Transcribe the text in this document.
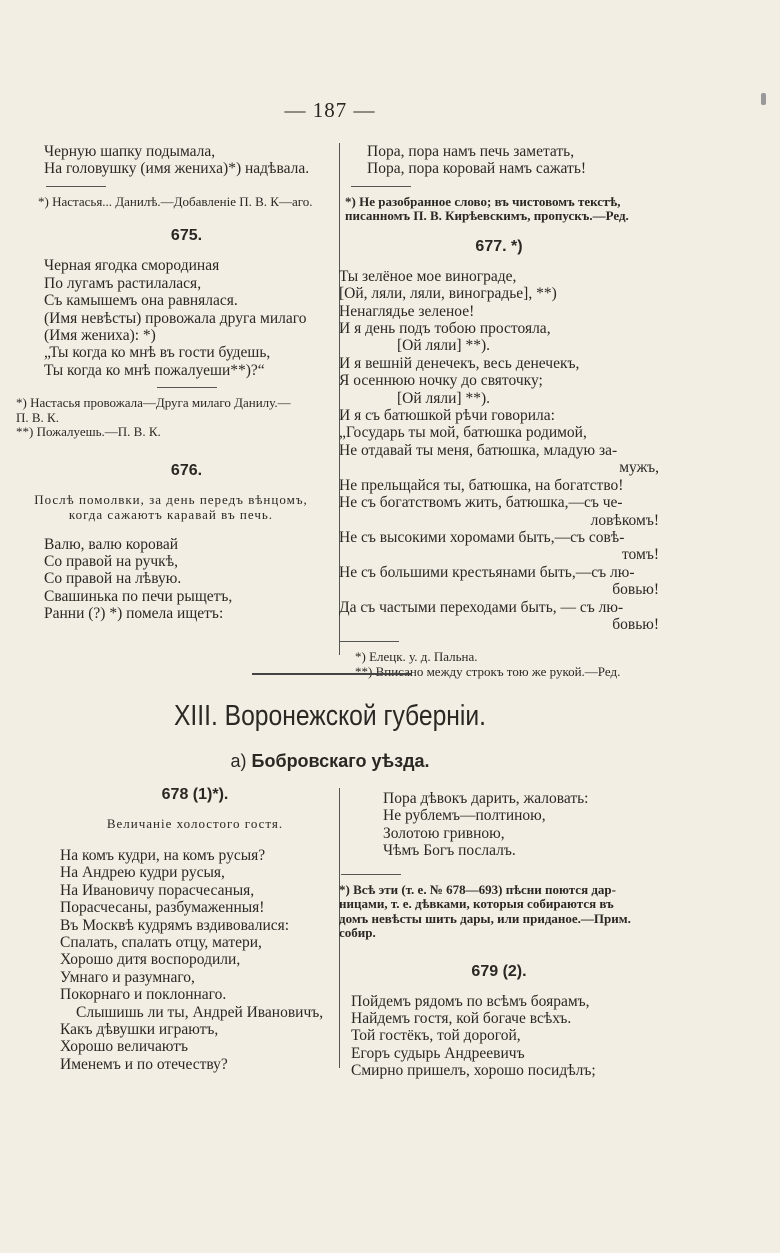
— 187 —
Черную шапку подымала,
На головушку (имя жениха)*) надѣвала.
*) Настасья... Данилѣ.—Добавленіе П. В. К—аго.
675.
Черная ягодка смородиная
По лугамъ растилалася,
Съ камышемъ она равнялася.
(Имя невѣсты) провожала друга милаго
(Имя жениха): *)
„Ты когда ко мнѣ въ гости будешь,
Ты когда ко мнѣ пожалуеши**)?“
*) Настасья провожала—Друга милаго Данилу.—
П. В. К.
**) Пожалуешь.—П. В. К.
676.
Послѣ помолвки, за день передъ вѣнцомъ,
когда сажаютъ каравай въ печь.
Валю, валю коровай
Со правой на ручкѣ,
Со правой на лѣвую.
Свашинька по печи рыщетъ,
Ранни (?) *) помела ищетъ:
Пора, пора намъ печь заметать,
Пора, пора коровай намъ сажать!
*) Не разобранное слово; въ чистовомъ текстѣ,
писанномъ П. В. Кирѣевскимъ, пропускъ.—Ред.
677. *)
Ты зелёное мое винограде,
[Ой, ляли, ляли, виноградье], **)
Ненаглядье зеленое!
И я день подъ тобою простояла,
[Ой ляли] **).
И я вешній денечекъ, весь денечекъ,
Я осеннюю ночку до святочку;
[Ой ляли] **).
И я съ батюшкой рѣчи говорила:
„Государь ты мой, батюшка родимой,
Не отдавай ты меня, батюшка, младую за-
мужъ,
Не прельщайся ты, батюшка, на богатство!
Не съ богатствомъ жить, батюшка,—съ че-
ловѣкомъ!
Не съ высокими хоромами быть,—съ совѣ-
томъ!
Не съ большими крестьянами быть,—съ лю-
бовью!
Да съ частыми переходами быть, — съ лю-
бовью!
*) Елецк. у. д. Пальна.
**) Вписано между строкъ тою же рукой.—Ред.
XIII. Воронежской губерніи.
а) Бобровскаго уѣзда.
678 (1)*).
Величаніе холостого гостя.
На комъ кудри, на комъ русыя?
На Андрею кудри русыя,
На Ивановичу порасчесаныя,
Порасчесаны, разбумаженныя!
Въ Москвѣ кудрямъ вздивовалися:
Спалать, спалать отцу, матери,
Хорошо дитя воспородили,
Умнаго и разумнаго,
Покорнаго и поклоннаго.
Слышишь ли ты, Андрей Ивановичъ,
Какъ дѣвушки играютъ,
Хорошо величаютъ
Именемъ и по отечеству?
Пора дѣвокъ дарить, жаловать:
Не рублемъ—полтиною,
Золотою гривною,
Чѣмъ Богъ послалъ.
*) Всѣ эти (т. е. № 678—693) пѣсни поются дар-
ницами, т. е. дѣвками, которыя собираются въ
домъ невѣсты шить дары, или приданое.—Прим.
собир.
679 (2).
Пойдемъ рядомъ по всѣмъ боярамъ,
Найдемъ гостя, кой богаче всѣхъ.
Той гостёкъ, той дорогой,
Егоръ судырь Андреевичъ
Смирно пришелъ, хорошо посидѣлъ;
